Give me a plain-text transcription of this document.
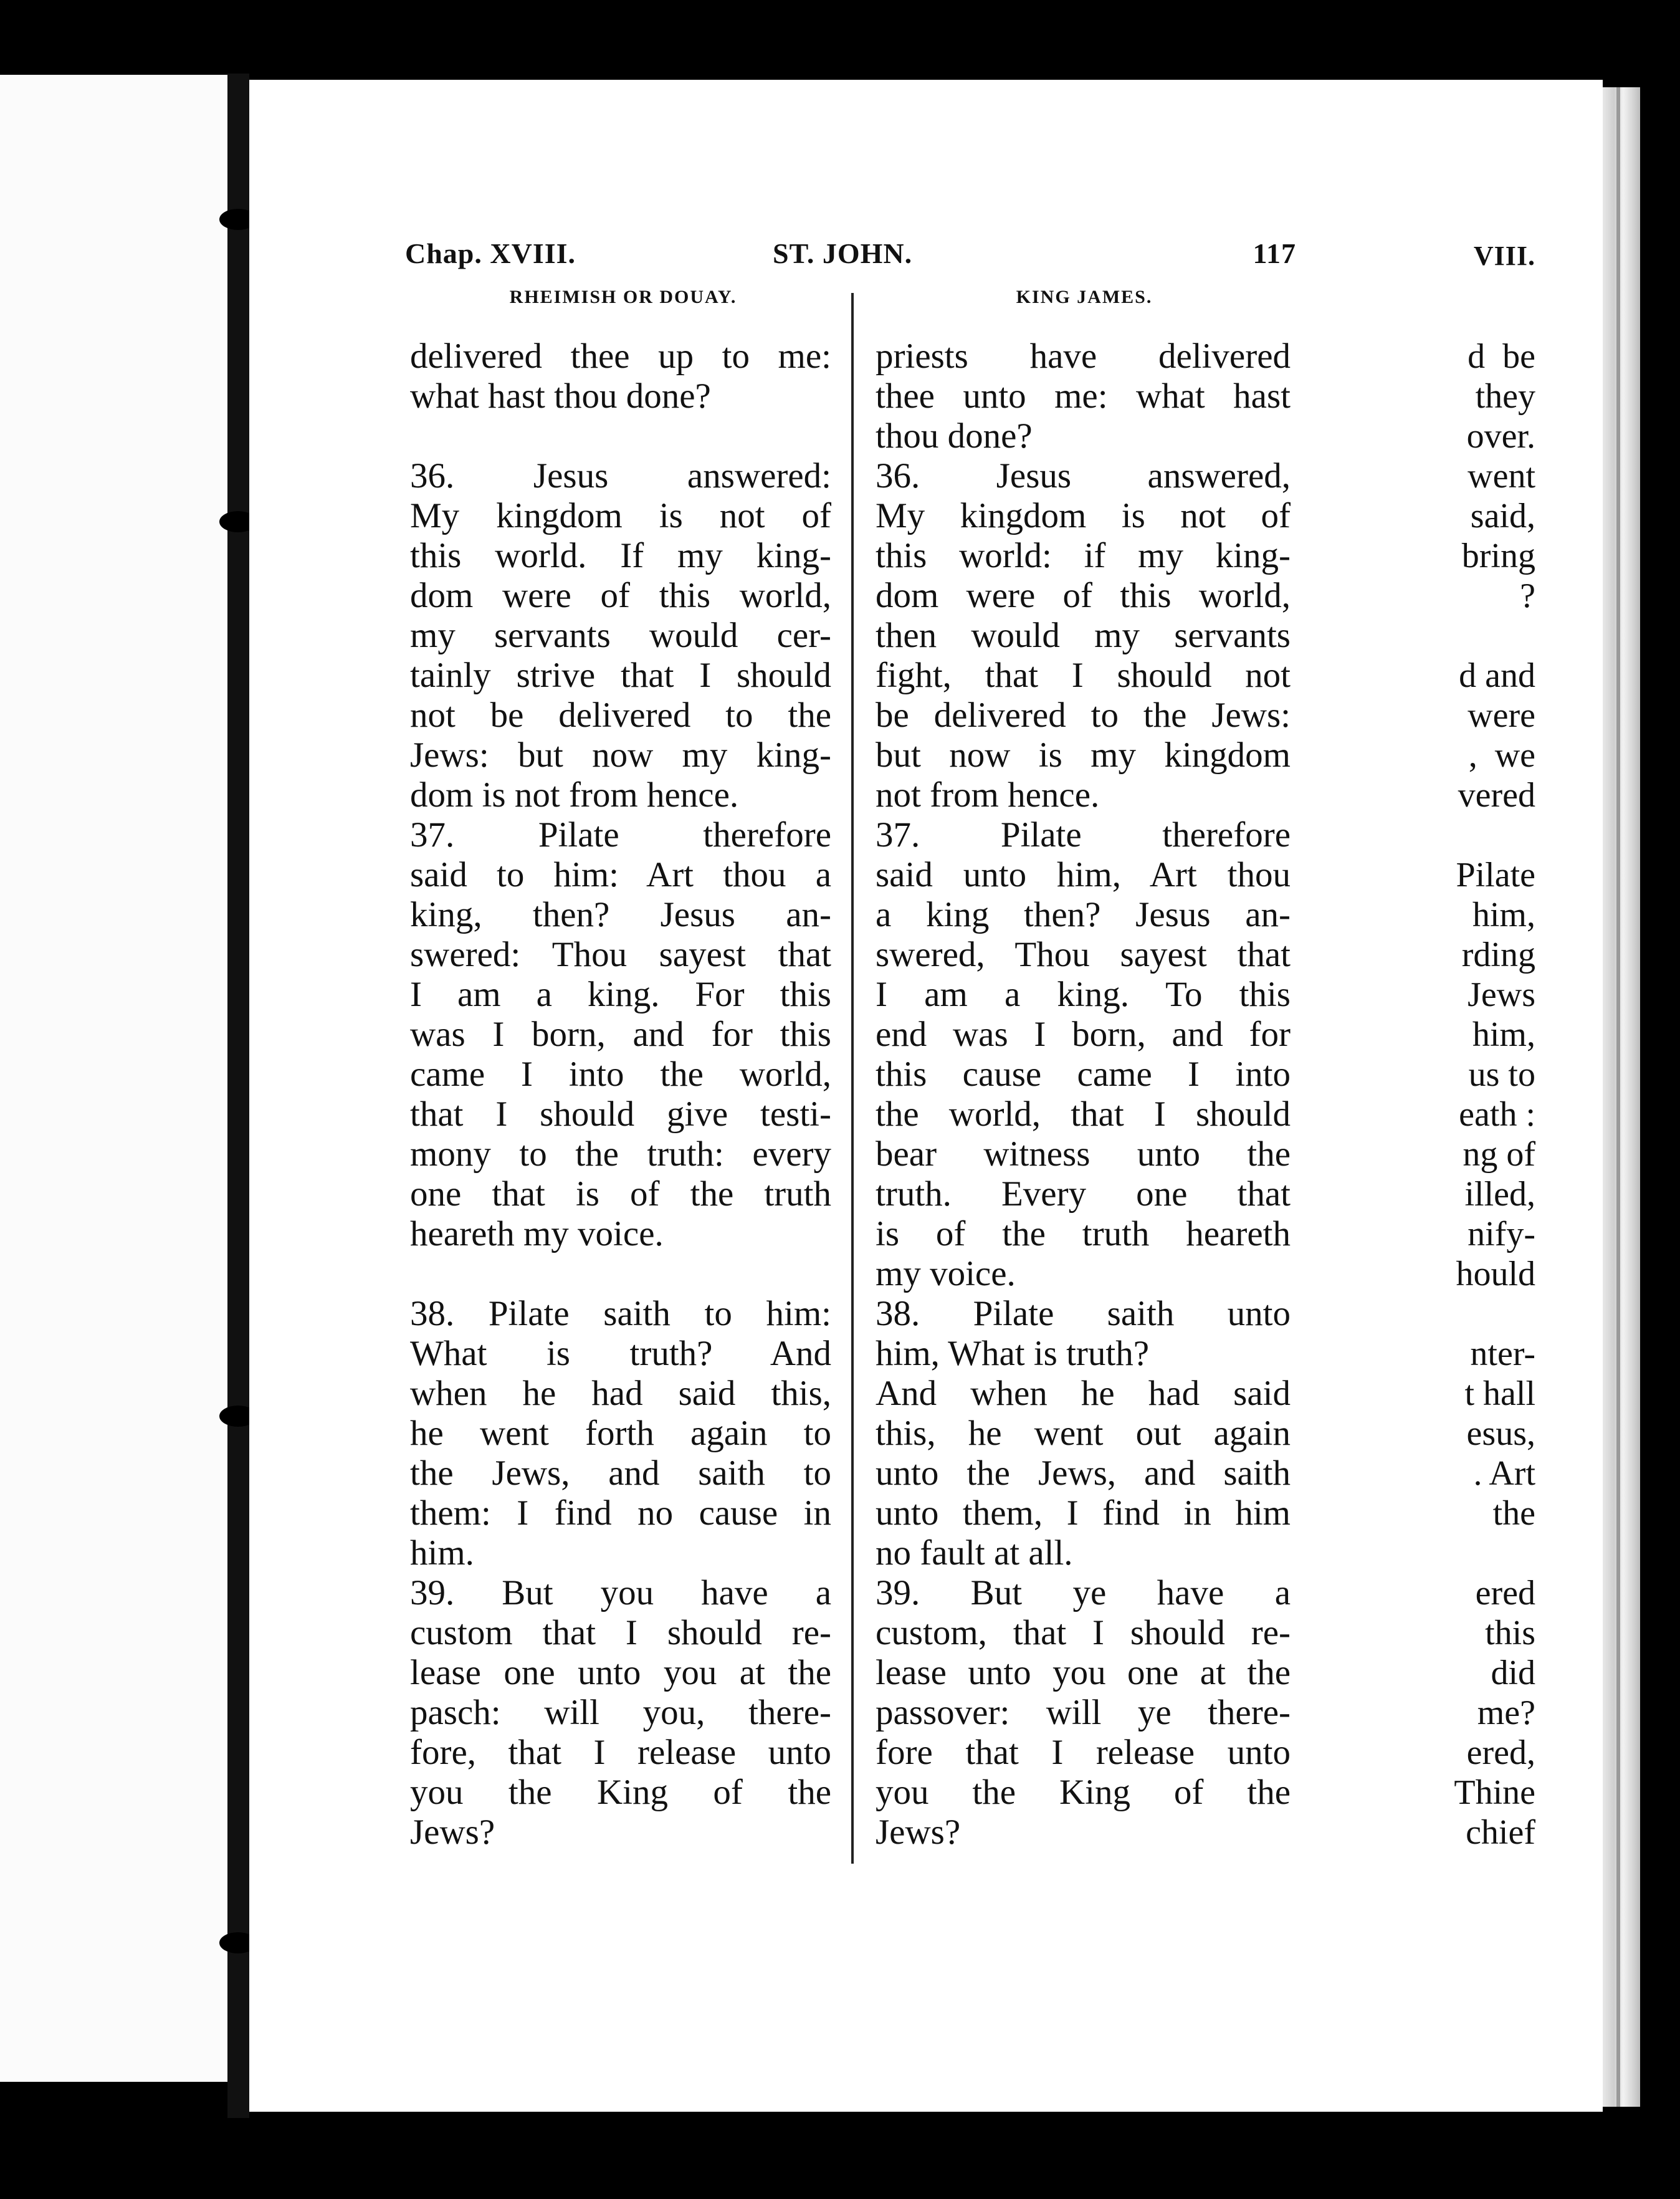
VIII.
d  be
they
over.
went
said,
bring
?
d and
were
,  we
vered
Pilate
him,
rding
Jews
him,
us to
eath :
ng of
illed,
nify-
hould
nter-
t hall
esus,
. Art
the
ered
this
did
me?
ered,
Thine
chief
Chap. XVIII.	ST. JOHN.	117
RHEIMISH OR DOUAY.	KING JAMES.
delivered thee up to me:
what hast thou done?
36. Jesus answered:
My kingdom is not of
this world. If my king-
dom were of this world,
my servants would cer-
tainly strive that I should
not be delivered to the
Jews: but now my king-
dom is not from hence.
37. Pilate therefore
said to him: Art thou a
king, then? Jesus an-
swered: Thou sayest that
I am a king. For this
was I born, and for this
came I into the world,
that I should give testi-
mony to the truth: every
one that is of the truth
heareth my voice.
38. Pilate saith to him:
What is truth? And
when he had said this,
he went forth again to
the Jews, and saith to
them: I find no cause in
him.
39. But you have a
custom that I should re-
lease one unto you at the
pasch: will you, there-
fore, that I release unto
you the King of the
Jews?
priests have delivered
thee unto me: what hast
thou done?
36. Jesus answered,
My kingdom is not of
this world: if my king-
dom were of this world,
then would my servants
fight, that I should not
be delivered to the Jews:
but now is my kingdom
not from hence.
37. Pilate therefore
said unto him, Art thou
a king then? Jesus an-
swered, Thou sayest that
I am a king. To this
end was I born, and for
this cause came I into
the world, that I should
bear witness unto the
truth. Every one that
is of the truth heareth
my voice.
38. Pilate saith unto
him, What is truth?
And when he had said
this, he went out again
unto the Jews, and saith
unto them, I find in him
no fault at all.
39. But ye have a
custom, that I should re-
lease unto you one at the
passover: will ye there-
fore that I release unto
you the King of the
Jews?
